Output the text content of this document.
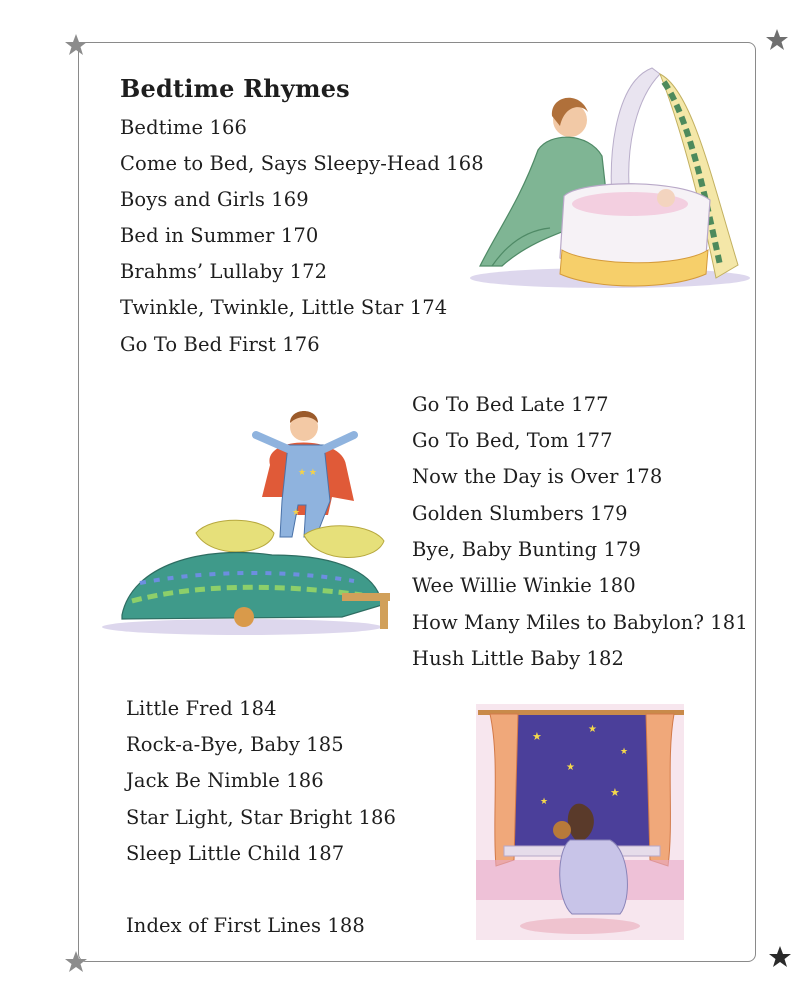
Bedtime Rhymes
Bedtime 166
Come to Bed, Says Sleepy-Head 168
Boys and Girls 169
Bed in Summer 170
Brahms’ Lullaby 172
Twinkle, Twinkle, Little Star 174
Go To Bed First 176
Go To Bed Late 177
Go To Bed, Tom 177
Now the Day is Over 178
Golden Slumbers 179
Bye, Baby Bunting 179
Wee Willie Winkie 180
How Many Miles to Babylon? 181
Hush Little Baby 182
Little Fred 184
Rock-a-Bye, Baby 185
Jack Be Nimble 186
Star Light, Star Bright 186
Sleep Little Child 187
Index of First Lines 188
★ ★
★
★
★
★
★
★
★
